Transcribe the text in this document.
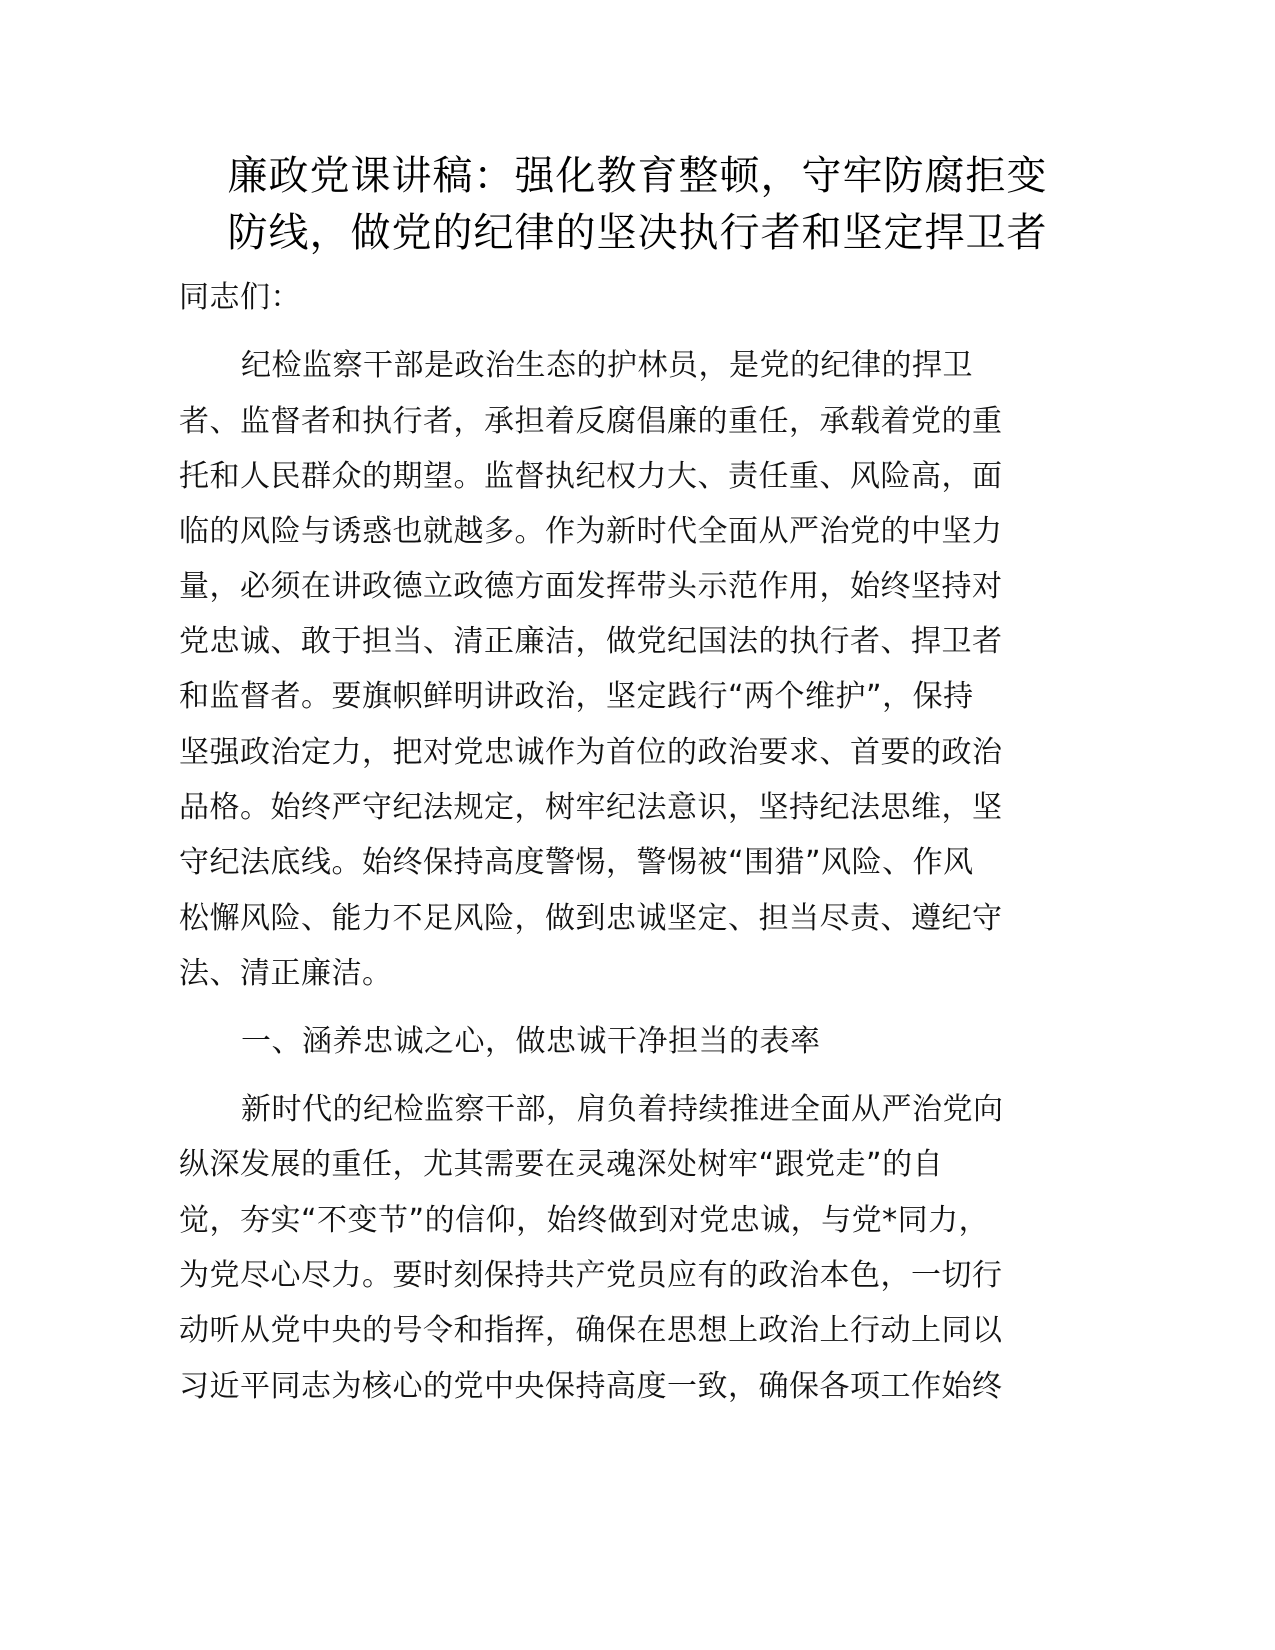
廉政党课讲稿：强化教育整顿，守牢防腐拒变
防线，做党的纪律的坚决执行者和坚定捍卫者
同志们：
纪检监察干部是政治生态的护林员，是党的纪律的捍卫
者、监督者和执行者，承担着反腐倡廉的重任，承载着党的重
托和人民群众的期望。监督执纪权力大、责任重、风险高，面
临的风险与诱惑也就越多。作为新时代全面从严治党的中坚力
量，必须在讲政德立政德方面发挥带头示范作用，始终坚持对
党忠诚、敢于担当、清正廉洁，做党纪国法的执行者、捍卫者
和监督者。要旗帜鲜明讲政治，坚定践行“两个维护”，保持
坚强政治定力，把对党忠诚作为首位的政治要求、首要的政治
品格。始终严守纪法规定，树牢纪法意识，坚持纪法思维，坚
守纪法底线。始终保持高度警惕，警惕被“围猎”风险、作风
松懈风险、能力不足风险，做到忠诚坚定、担当尽责、遵纪守
法、清正廉洁。
一、涵养忠诚之心，做忠诚干净担当的表率
新时代的纪检监察干部，肩负着持续推进全面从严治党向
纵深发展的重任，尤其需要在灵魂深处树牢“跟党走”的自
觉，夯实“不变节”的信仰，始终做到对党忠诚，与党*同力，
为党尽心尽力。要时刻保持共产党员应有的政治本色，一切行
动听从党中央的号令和指挥，确保在思想上政治上行动上同以
习近平同志为核心的党中央保持高度一致，确保各项工作始终
